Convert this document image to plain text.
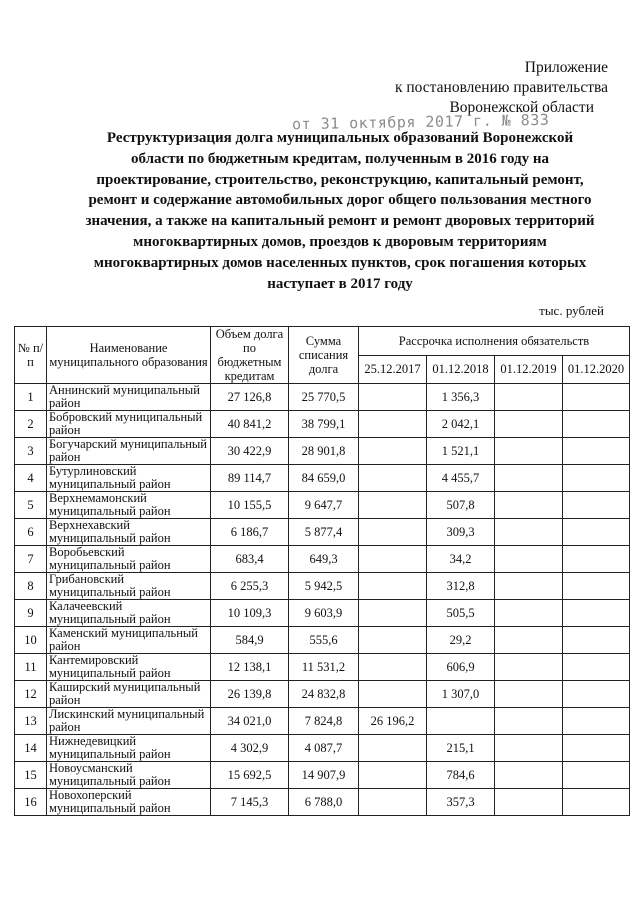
Приложение
к постановлению правительства
Воронежской области
от 31 октября 2017 г. № 833
Реструктуризация долга муниципальных образований Воронежской области по бюджетным кредитам, полученным в 2016 году на проектирование, строительство, реконструкцию, капитальный ремонт, ремонт и содержание автомобильных дорог общего пользования местного значения, а также на капитальный ремонт и ремонт дворовых территорий многоквартирных домов, проездов к дворовым территориям многоквартирных домов населенных пунктов, срок погашения которых наступает в 2017 году
тыс. рублей
№ п/п	Наименование муниципального образования	Объем долга по бюджетным кредитам	Сумма списания долга	Рассрочка исполнения обязательств			
				25.12.2017	01.12.2018	01.12.2019	01.12.2020
1	Аннинский муниципальный район	27 126,8	25 770,5		1 356,3		
2	Бобровский муниципальный район	40 841,2	38 799,1		2 042,1		
3	Богучарский муниципальный район	30 422,9	28 901,8		1 521,1		
4	Бутурлиновский муниципальный район	89 114,7	84 659,0		4 455,7		
5	Верхнемамонский муниципальный район	10 155,5	9 647,7		507,8		
6	Верхнехавский муниципальный район	6 186,7	5 877,4		309,3		
7	Воробьевский муниципальный район	683,4	649,3		34,2		
8	Грибановский муниципальный район	6 255,3	5 942,5		312,8		
9	Калачеевский муниципальный район	10 109,3	9 603,9		505,5		
10	Каменский муниципальный район	584,9	555,6		29,2		
11	Кантемировский муниципальный район	12 138,1	11 531,2		606,9		
12	Каширский муниципальный район	26 139,8	24 832,8		1 307,0		
13	Лискинский муниципальный район	34 021,0	7 824,8	26 196,2			
14	Нижнедевицкий муниципальный район	4 302,9	4 087,7		215,1		
15	Новоусманский муниципальный район	15 692,5	14 907,9		784,6		
16	Новохоперский муниципальный район	7 145,3	6 788,0		357,3		
